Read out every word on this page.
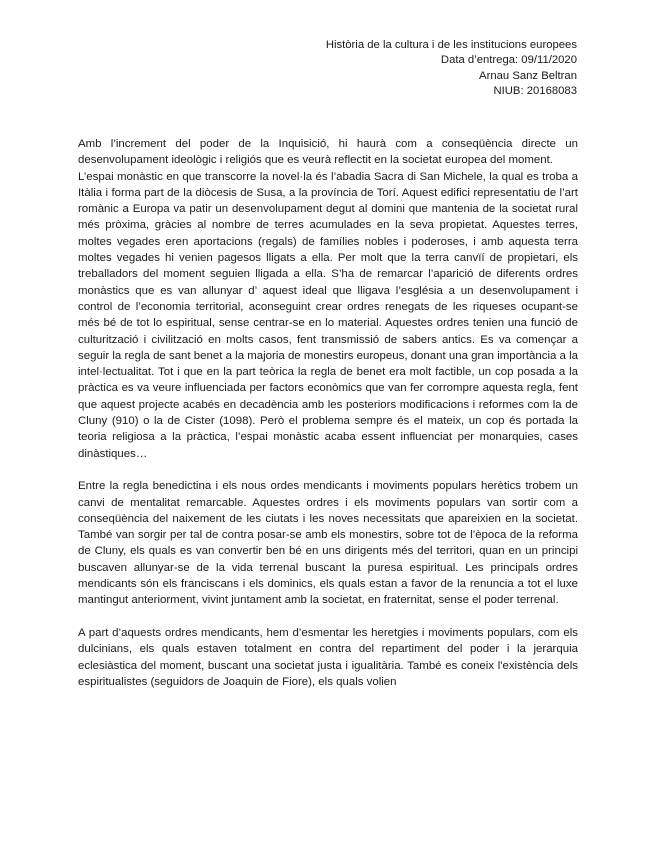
Història de la cultura i de les institucions europees
Data d’entrega: 09/11/2020
Arnau Sanz Beltran
NIUB: 20168083

Amb l’increment del poder de la Inquisició, hi haurà com a conseqüència directe un desenvolupament ideològic i religiós que es veurà reflectit en la societat europea del moment.

L’espai monàstic en que transcorre la novel·la és l’abadia Sacra di San Michele, la qual es troba a Itàlia i forma part de la diòcesis de Susa, a la província de Torí. Aquest edifici representatiu de l’art romànic a Europa va patir un desenvolupament degut al domini que mantenia de la societat rural més pròxima, gràcies al nombre de terres acumulades en la seva propietat. Aquestes terres, moltes vegades eren aportacions (regals) de famílies nobles i poderoses, i amb aquesta terra moltes vegades hi venien pagesos lligats a ella. Per molt que la terra canvïí de propietari, els treballadors del moment seguien lligada a ella. S’ha de remarcar l’aparició de diferents ordres monàstics que es van allunyar d’ aquest ideal que lligava l’església a un desenvolupament i control de l’economia territorial, aconseguint crear ordres renegats de les riqueses ocupant-se més bé de tot lo espiritual, sense centrar-se en lo material. Aquestes ordres tenien una funció de culturització i civilització en molts casos, fent transmissió de sabers antics. Es va començar a seguir la regla de sant benet a la majoria de monestirs europeus, donant una gran importància a la intel·lectualitat. Tot i que en la part teòrica la regla de benet era molt factible, un cop posada a la pràctica es va veure influenciada per factors econòmics que van fer corrompre aquesta regla, fent que aquest projecte acabés en decadència amb les posteriors modificacions i reformes com la de Cluny (910) o la de Cister (1098). Però el problema sempre és el mateix, un cop és portada la teoria religiosa a la pràctica, l’espai monàstic acaba essent influenciat per monarquies, cases dinàstiques…

Entre la regla benedictina i els nous ordes mendicants i moviments populars herètics trobem un canvi de mentalitat remarcable. Aquestes ordres i els moviments populars van sortir com a conseqüència del naixement de les ciutats i les noves necessitats que apareixien en la societat. També van sorgir per tal de contra posar-se amb els monestirs, sobre tot de l’època de la reforma de Cluny, els quals es van convertir ben bé en uns dirigents més del territori, quan en un principi buscaven allunyar-se de la vida terrenal buscant la puresa espiritual. Les principals ordres mendicants són els franciscans i els dominics, els quals estan a favor de la renuncia a tot el luxe mantingut anteriorment, vivint juntament amb la societat, en fraternitat, sense el poder terrenal.

A part d’aquests ordres mendicants, hem d’esmentar les heretgies i moviments populars, com els dulcinians, els quals estaven totalment en contra del repartiment del poder i la jerarquia eclesiàstica del moment, buscant una societat justa i igualitària. També es coneix l'existència dels espiritualistes (seguidors de Joaquin de Fiore), els quals volien
